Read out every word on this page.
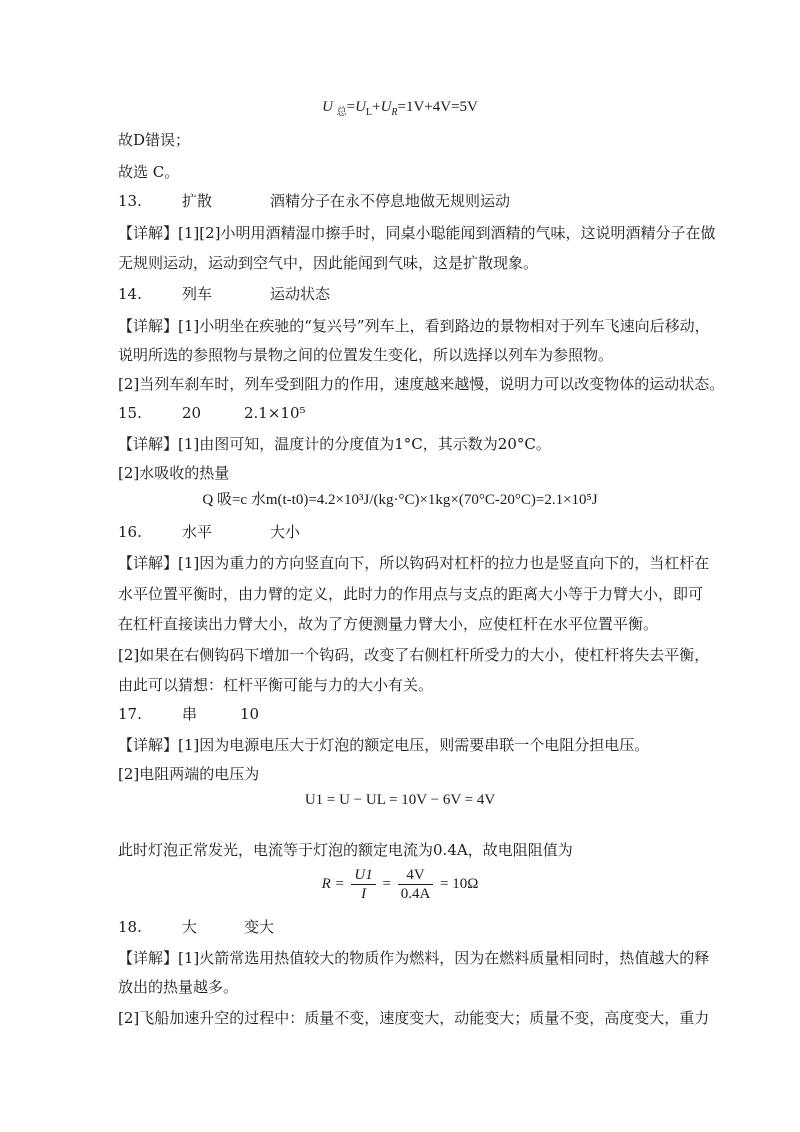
U $_总=U_L+U_R=1V+4V=5V$
故D错误；
故选 C。
13.	扩散	酒精分子在永不停息地做无规则运动
【详解】[1][2]小明用酒精湿巾擦手时，同桌小聪能闻到酒精的气味，这说明酒精分子在做
无规则运动，运动到空气中，因此能闻到气味，这是扩散现象。
14.	列车	运动状态
【详解】[1]小明坐在疾驰的“复兴号”列车上，看到路边的景物相对于列车飞速向后移动，
说明所选的参照物与景物之间的位置发生变化，所以选择以列车为参照物。
[2]当列车刹车时，列车受到阻力的作用，速度越来越慢，说明力可以改变物体的运动状态。
15.	20	2.1×10⁵
【详解】[1]由图可知，温度计的分度值为1°C，其示数为20°C。
[2]水吸收的热量
Q 吸=c 水m(t-t0)=4.2×10³J/(kg·°C)×1kg×(70°C-20°C)=2.1×10⁵J
16.	水平	大小
【详解】[1]因为重力的方向竖直向下，所以钩码对杠杆的拉力也是竖直向下的，当杠杆在
水平位置平衡时，由力臂的定义，此时力的作用点与支点的距离大小等于力臂大小，即可
在杠杆直接读出力臂大小，故为了方便测量力臂大小，应使杠杆在水平位置平衡。
[2]如果在右侧钩码下增加一个钩码，改变了右侧杠杆所受力的大小，使杠杆将失去平衡，
由此可以猜想：杠杆平衡可能与力的大小有关。
17.	串	10
【详解】[1]因为电源电压大于灯泡的额定电压，则需要串联一个电阻分担电压。
[2]电阻两端的电压为
U1 = U − UL = 10V − 6V = 4V
此时灯泡正常发光，电流等于灯泡的额定电流为0.4A，故电阻阻值为
$R = \frac{U1}{I} = \frac{4V}{0.4A} = 10\Omega$
18.	大	变大
【详解】[1]火箭常选用热值较大的物质作为燃料，因为在燃料质量相同时，热值越大的释
放出的热量越多。
[2]飞船加速升空的过程中：质量不变，速度变大，动能变大；质量不变，高度变大，重力
